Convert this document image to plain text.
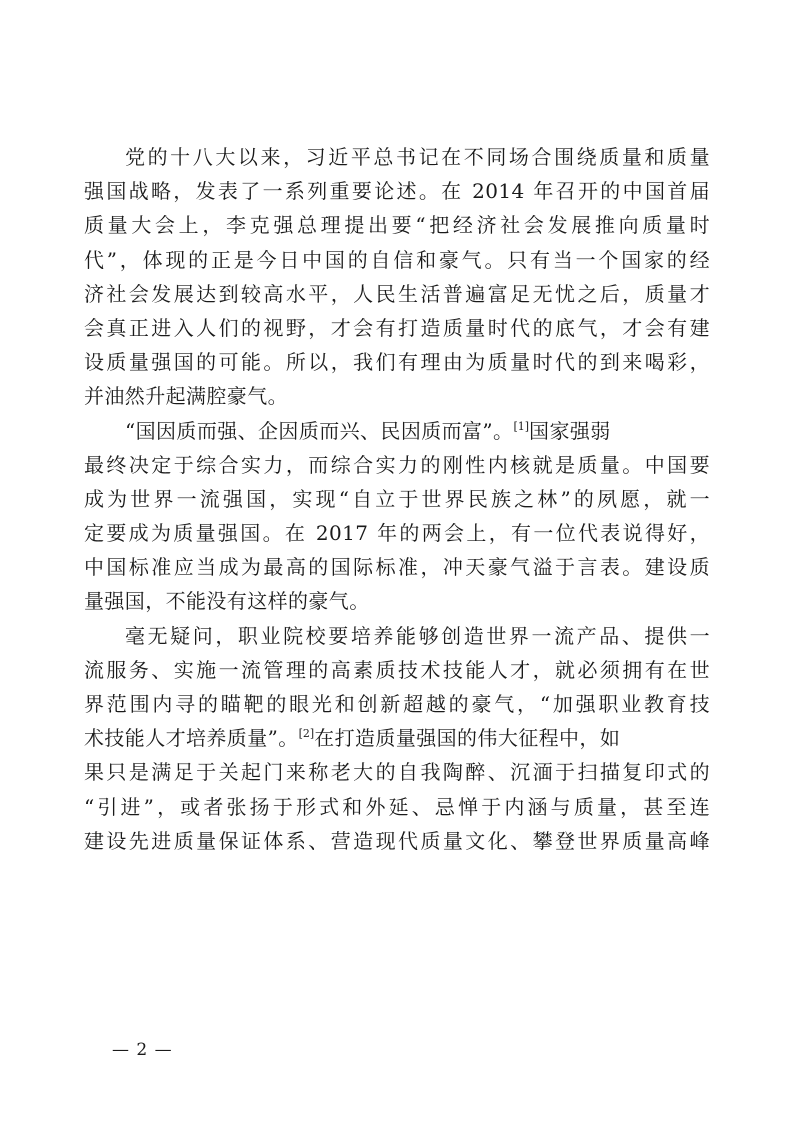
党的十八大以来，习近平总书记在不同场合围绕质量和质量
强国战略，发表了一系列重要论述。在 2014 年召开的中国首届
质量大会上，李克强总理提出要“把经济社会发展推向质量时
代”，体现的正是今日中国的自信和豪气。只有当一个国家的经
济社会发展达到较高水平，人民生活普遍富足无忧之后，质量才
会真正进入人们的视野，才会有打造质量时代的底气，才会有建
设质量强国的可能。所以，我们有理由为质量时代的到来喝彩，
并油然升起满腔豪气。
“国因质而强、企因质而兴、民因质而富”。[1]国家强弱
最终决定于综合实力，而综合实力的刚性内核就是质量。中国要
成为世界一流强国，实现“自立于世界民族之林”的夙愿，就一
定要成为质量强国。在 2017 年的两会上，有一位代表说得好，
中国标准应当成为最高的国际标准，冲天豪气溢于言表。建设质
量强国，不能没有这样的豪气。
毫无疑问，职业院校要培养能够创造世界一流产品、提供一
流服务、实施一流管理的高素质技术技能人才，就必须拥有在世
界范围内寻的瞄靶的眼光和创新超越的豪气，“加强职业教育技
术技能人才培养质量”。[2]在打造质量强国的伟大征程中，如
果只是满足于关起门来称老大的自我陶醉、沉湎于扫描复印式的
“引进”，或者张扬于形式和外延、忌惮于内涵与质量，甚至连
建设先进质量保证体系、营造现代质量文化、攀登世界质量高峰
— 2 —
